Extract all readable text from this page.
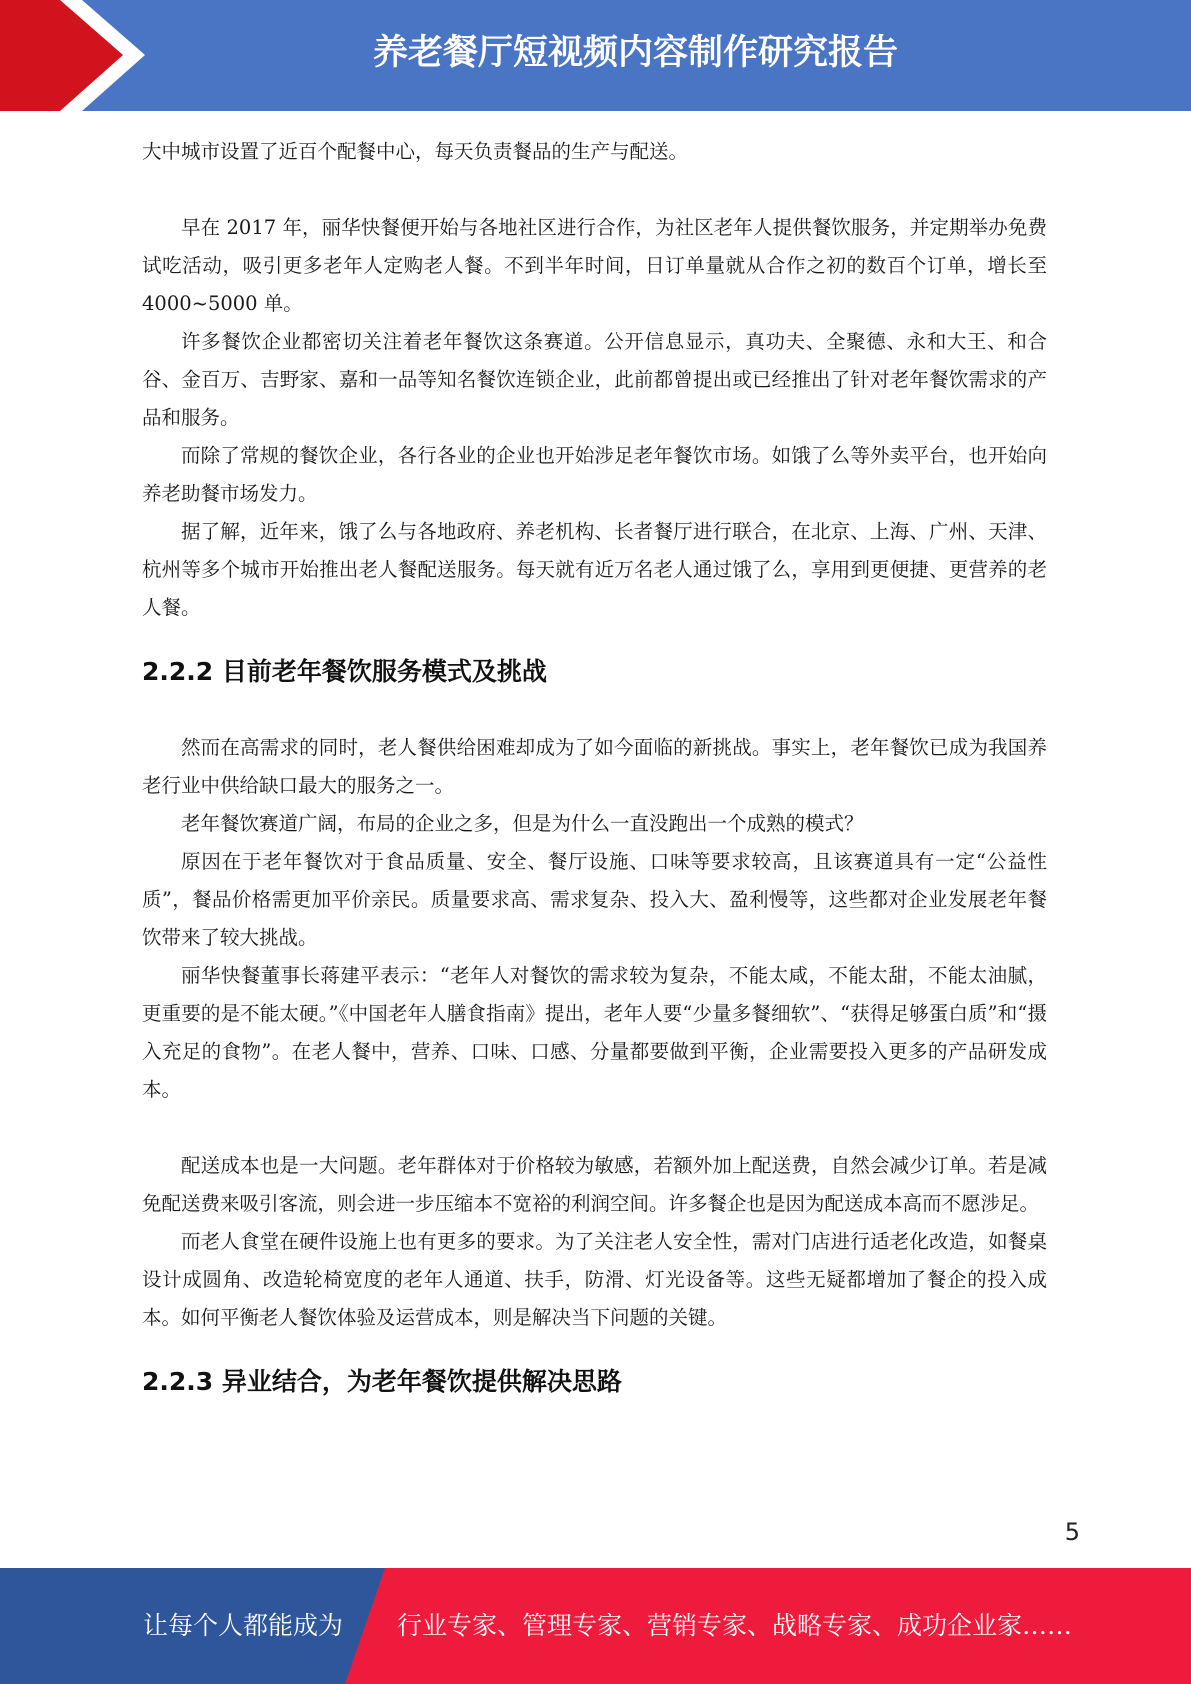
养老餐厅短视频内容制作研究报告

大中城市设置了近百个配餐中心，每天负责餐品的生产与配送。

早在 2017 年，丽华快餐便开始与各地社区进行合作，为社区老年人提供餐饮服务，并定期举办免费试吃活动，吸引更多老年人定购老人餐。不到半年时间，日订单量就从合作之初的数百个订单，增长至 4000~5000 单。

许多餐饮企业都密切关注着老年餐饮这条赛道。公开信息显示，真功夫、全聚德、永和大王、和合谷、金百万、吉野家、嘉和一品等知名餐饮连锁企业，此前都曾提出或已经推出了针对老年餐饮需求的产品和服务。

而除了常规的餐饮企业，各行各业的企业也开始涉足老年餐饮市场。如饿了么等外卖平台，也开始向养老助餐市场发力。

据了解，近年来，饿了么与各地政府、养老机构、长者餐厅进行联合，在北京、上海、广州、天津、杭州等多个城市开始推出老人餐配送服务。每天就有近万名老人通过饿了么，享用到更便捷、更营养的老人餐。

2.2.2 目前老年餐饮服务模式及挑战

然而在高需求的同时，老人餐供给困难却成为了如今面临的新挑战。事实上，老年餐饮已成为我国养老行业中供给缺口最大的服务之一。

老年餐饮赛道广阔，布局的企业之多，但是为什么一直没跑出一个成熟的模式？

原因在于老年餐饮对于食品质量、安全、餐厅设施、口味等要求较高，且该赛道具有一定“公益性质”，餐品价格需更加平价亲民。质量要求高、需求复杂、投入大、盈利慢等，这些都对企业发展老年餐饮带来了较大挑战。

丽华快餐董事长蒋建平表示：“老年人对餐饮的需求较为复杂，不能太咸，不能太甜，不能太油腻，更重要的是不能太硬。”《中国老年人膳食指南》提出，老年人要“少量多餐细软”、“获得足够蛋白质”和“摄入充足的食物”。在老人餐中，营养、口味、口感、分量都要做到平衡，企业需要投入更多的产品研发成本。

配送成本也是一大问题。老年群体对于价格较为敏感，若额外加上配送费，自然会减少订单。若是减免配送费来吸引客流，则会进一步压缩本不宽裕的利润空间。许多餐企也是因为配送成本高而不愿涉足。

而老人食堂在硬件设施上也有更多的要求。为了关注老人安全性，需对门店进行适老化改造，如餐桌设计成圆角、改造轮椅宽度的老年人通道、扶手，防滑、灯光设备等。这些无疑都增加了餐企的投入成本。如何平衡老人餐饮体验及运营成本，则是解决当下问题的关键。

2.2.3 异业结合，为老年餐饮提供解决思路
5
让每个人都能成为 行业专家、管理专家、营销专家、战略专家、成功企业家……
